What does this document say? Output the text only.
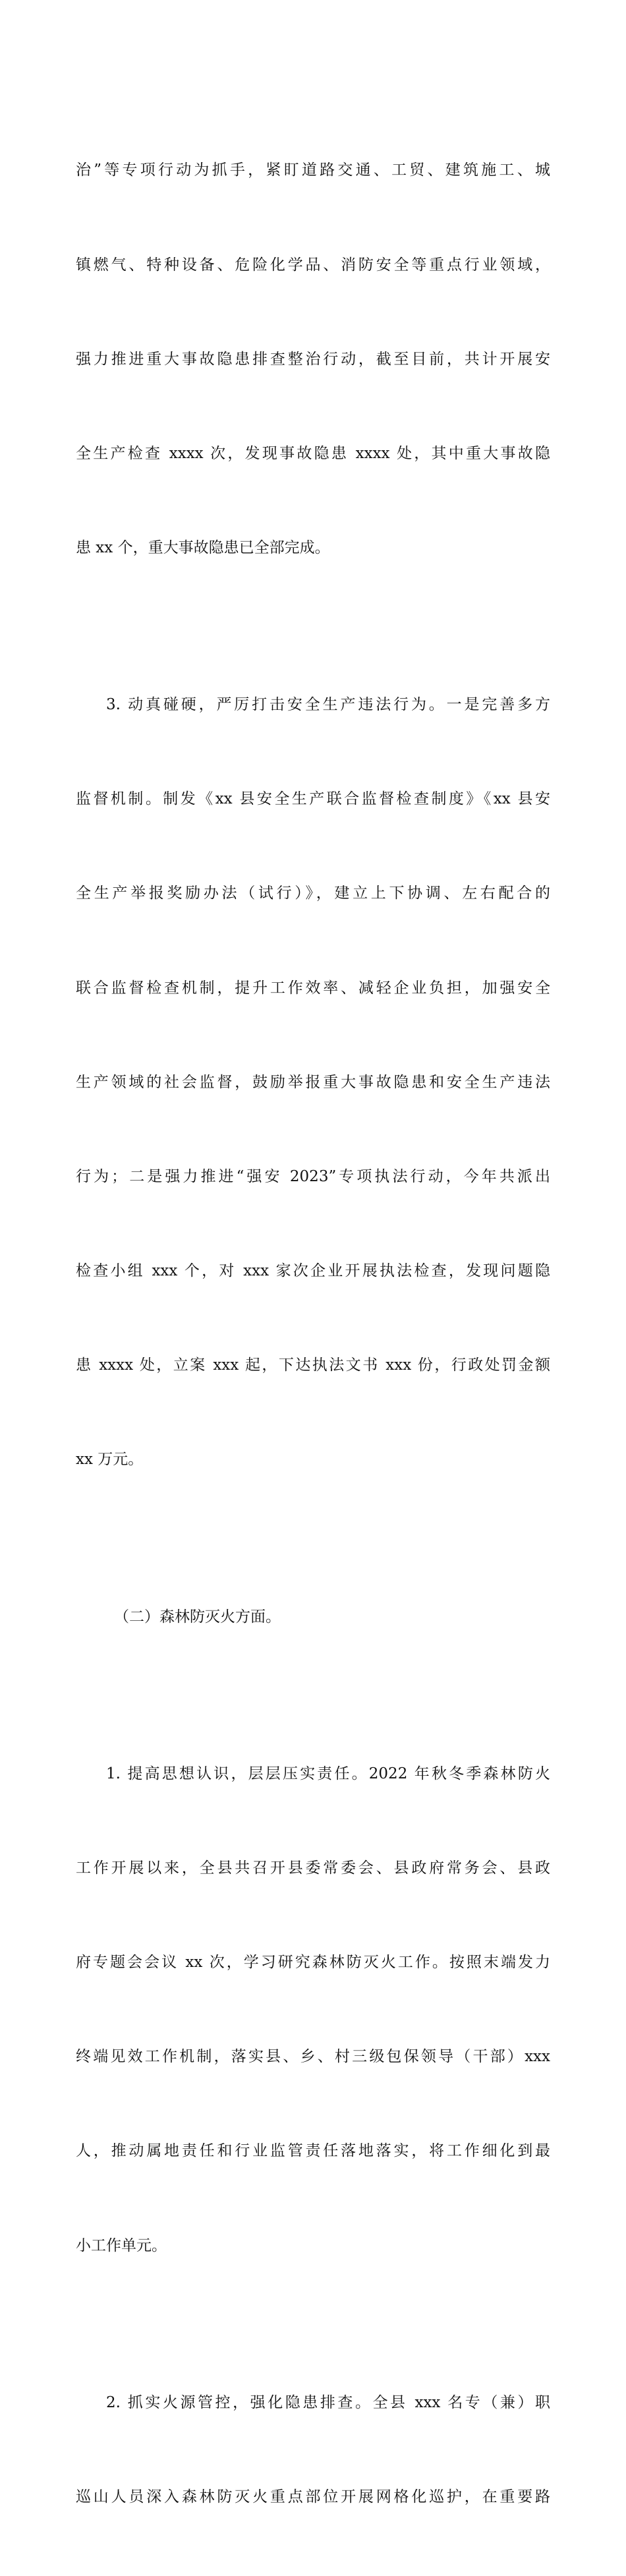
治”等专项行动为抓手，紧盯道路交通、工贸、建筑施工、城

镇燃气、特种设备、危险化学品、消防安全等重点行业领域，

强力推进重大事故隐患排查整治行动，截至目前，共计开展安

全生产检查 xxxx 次，发现事故隐患 xxxx 处，其中重大事故隐

患 xx 个，重大事故隐患已全部完成。

3. 动真碰硬，严厉打击安全生产违法行为。一是完善多方

监督机制。制发《xx 县安全生产联合监督检查制度》《xx 县安

全生产举报奖励办法（试行）》，建立上下协调、左右配合的

联合监督检查机制，提升工作效率、减轻企业负担，加强安全

生产领域的社会监督，鼓励举报重大事故隐患和安全生产违法

行为；二是强力推进“强安 2023”专项执法行动，今年共派出

检查小组 xxx 个，对 xxx 家次企业开展执法检查，发现问题隐

患 xxxx 处，立案 xxx 起，下达执法文书 xxx 份，行政处罚金额

xx 万元。

（二）森林防灭火方面。

1. 提高思想认识，层层压实责任。2022 年秋冬季森林防火

工作开展以来，全县共召开县委常委会、县政府常务会、县政

府专题会会议 xx 次，学习研究森林防灭火工作。按照末端发力

终端见效工作机制，落实县、乡、村三级包保领导（干部）xxx

人，推动属地责任和行业监管责任落地落实，将工作细化到最

小工作单元。

2. 抓实火源管控，强化隐患排查。全县 xxx 名专（兼）职

巡山人员深入森林防灭火重点部位开展网格化巡护，在重要路
